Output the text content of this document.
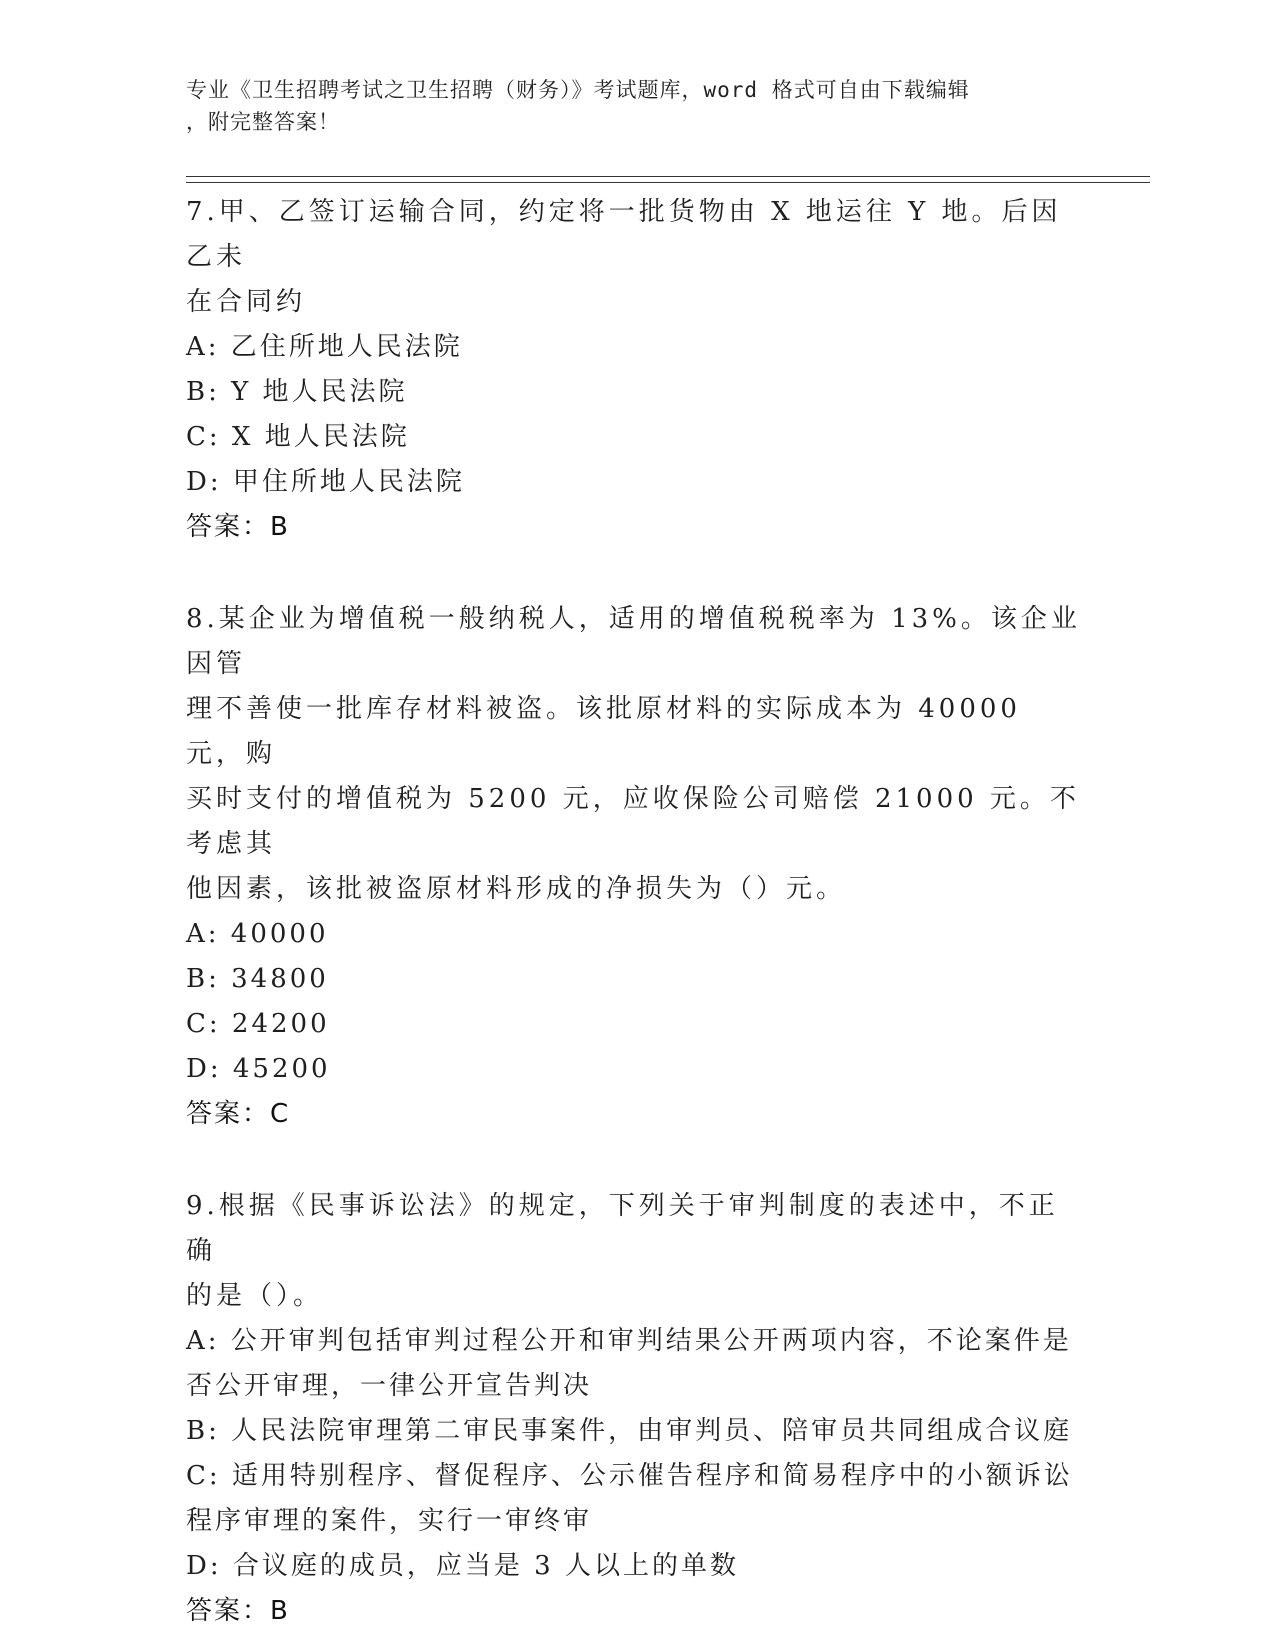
专业《卫生招聘考试之卫生招聘（财务）》考试题库，word 格式可自由下载编辑
，附完整答案！
7.甲、乙签订运输合同，约定将一批货物由 X 地运往 Y 地。后因乙未
在合同约
A: 乙住所地人民法院
B: Y 地人民法院
C: X 地人民法院
D: 甲住所地人民法院
答案：B
8.某企业为增值税一般纳税人，适用的增值税税率为 13%。该企业因管
理不善使一批库存材料被盗。该批原材料的实际成本为 40000 元，购
买时支付的增值税为 5200 元，应收保险公司赔偿 21000 元。不考虑其
他因素，该批被盗原材料形成的净损失为（）元。
A: 40000
B: 34800
C: 24200
D: 45200
答案：C
9.根据《民事诉讼法》的规定，下列关于审判制度的表述中，不正确
的是（）。
A: 公开审判包括审判过程公开和审判结果公开两项内容，不论案件是
否公开审理，一律公开宣告判决
B: 人民法院审理第二审民事案件，由审判员、陪审员共同组成合议庭
C: 适用特别程序、督促程序、公示催告程序和简易程序中的小额诉讼
程序审理的案件，实行一审终审
D: 合议庭的成员，应当是 3 人以上的单数
答案：B
